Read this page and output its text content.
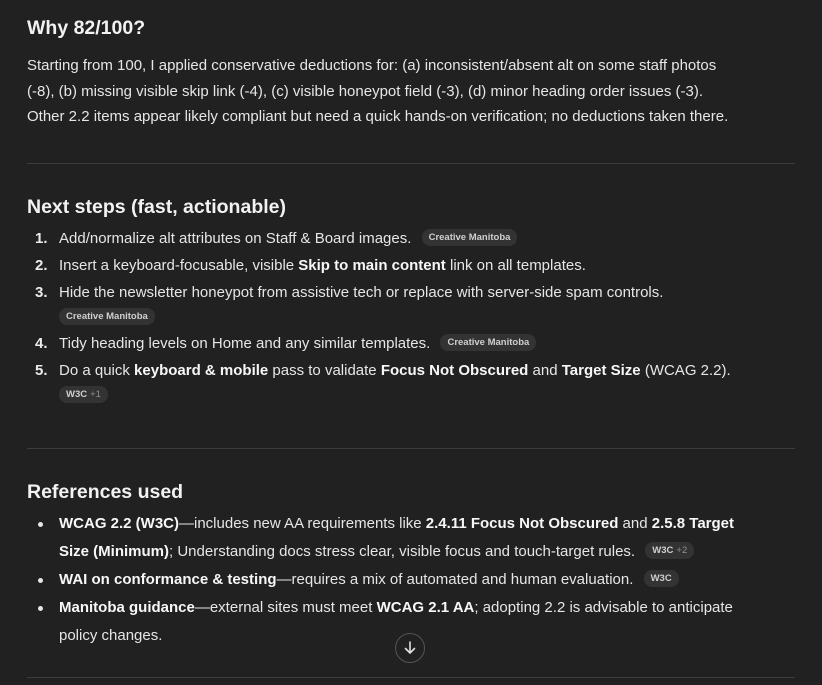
Why 82/100?
Starting from 100, I applied conservative deductions for: (a) inconsistent/absent alt on some staff photos
(-8), (b) missing visible skip link (-4), (c) visible honeypot field (-3), (d) minor heading order issues (-3).
Other 2.2 items appear likely compliant but need a quick hands-on verification; no deductions taken there.
Next steps (fast, actionable)
1. Add/normalize alt attributes on Staff & Board images. Creative Manitoba
2. Insert a keyboard-focusable, visible Skip to main content link on all templates.
3. Hide the newsletter honeypot from assistive tech or replace with server-side spam controls.
Creative Manitoba
4. Tidy heading levels on Home and any similar templates. Creative Manitoba
5. Do a quick keyboard & mobile pass to validate Focus Not Obscured and Target Size (WCAG 2.2).
W3C +1
References used
WCAG 2.2 (W3C)—includes new AA requirements like 2.4.11 Focus Not Obscured and 2.5.8 Target
Size (Minimum); Understanding docs stress clear, visible focus and touch-target rules. W3C +2
WAI on conformance & testing—requires a mix of automated and human evaluation. W3C
Manitoba guidance—external sites must meet WCAG 2.1 AA; adopting 2.2 is advisable to anticipate
policy changes.
